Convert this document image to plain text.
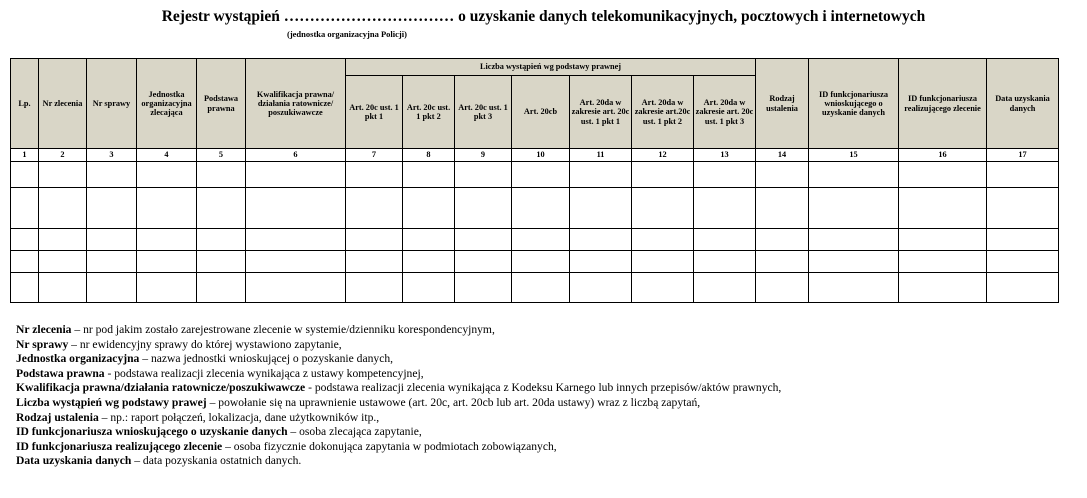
Rejestr wystąpień …………………………… o uzyskanie danych telekomunikacyjnych, pocztowych i internetowych
(jednostka organizacyjna Policji)
Lp.	Nr zlecenia	Nr sprawy	Jednostka organizacyjna zlecająca	Podstawa prawna	Kwalifikacja prawna/ działania ratownicze/ poszukiwawcze	Liczba wystąpień wg podstawy prawnej							Rodzaj ustalenia	ID funkcjonariusza wnioskującego o uzyskanie danych	ID funkcjonariusza realizującego zlecenie	Data uzyskania danych
						Art. 20c ust. 1 pkt 1	Art. 20c ust. 1 pkt 2	Art. 20c ust. 1 pkt 3	Art. 20cb	Art. 20da w zakresie art. 20c ust. 1 pkt 1	Art. 20da w zakresie art.20c ust. 1 pkt 2	Art. 20da w zakresie art. 20c ust. 1 pkt 3				
1	2	3	4	5	6	7	8	9	10	11	12	13	14	15	16	17

Nr zlecenia – nr pod jakim zostało zarejestrowane zlecenie w systemie/dzienniku korespondencyjnym,
Nr sprawy – nr ewidencyjny sprawy do której wystawiono zapytanie,
Jednostka organizacyjna – nazwa jednostki wnioskującej o pozyskanie danych,
Podstawa prawna - podstawa realizacji zlecenia wynikająca z ustawy kompetencyjnej,
Kwalifikacja prawna/działania ratownicze/poszukiwawcze - podstawa realizacji zlecenia wynikająca z Kodeksu Karnego lub innych przepisów/aktów prawnych,
Liczba wystąpień wg podstawy prawej – powołanie się na uprawnienie ustawowe (art. 20c, art. 20cb lub art. 20da ustawy) wraz z liczbą zapytań,
Rodzaj ustalenia – np.: raport połączeń, lokalizacja, dane użytkowników itp.,
ID funkcjonariusza wnioskującego o uzyskanie danych – osoba zlecająca zapytanie,
ID funkcjonariusza realizującego zlecenie – osoba fizycznie dokonująca zapytania w podmiotach zobowiązanych,
Data uzyskania danych – data pozyskania ostatnich danych.
